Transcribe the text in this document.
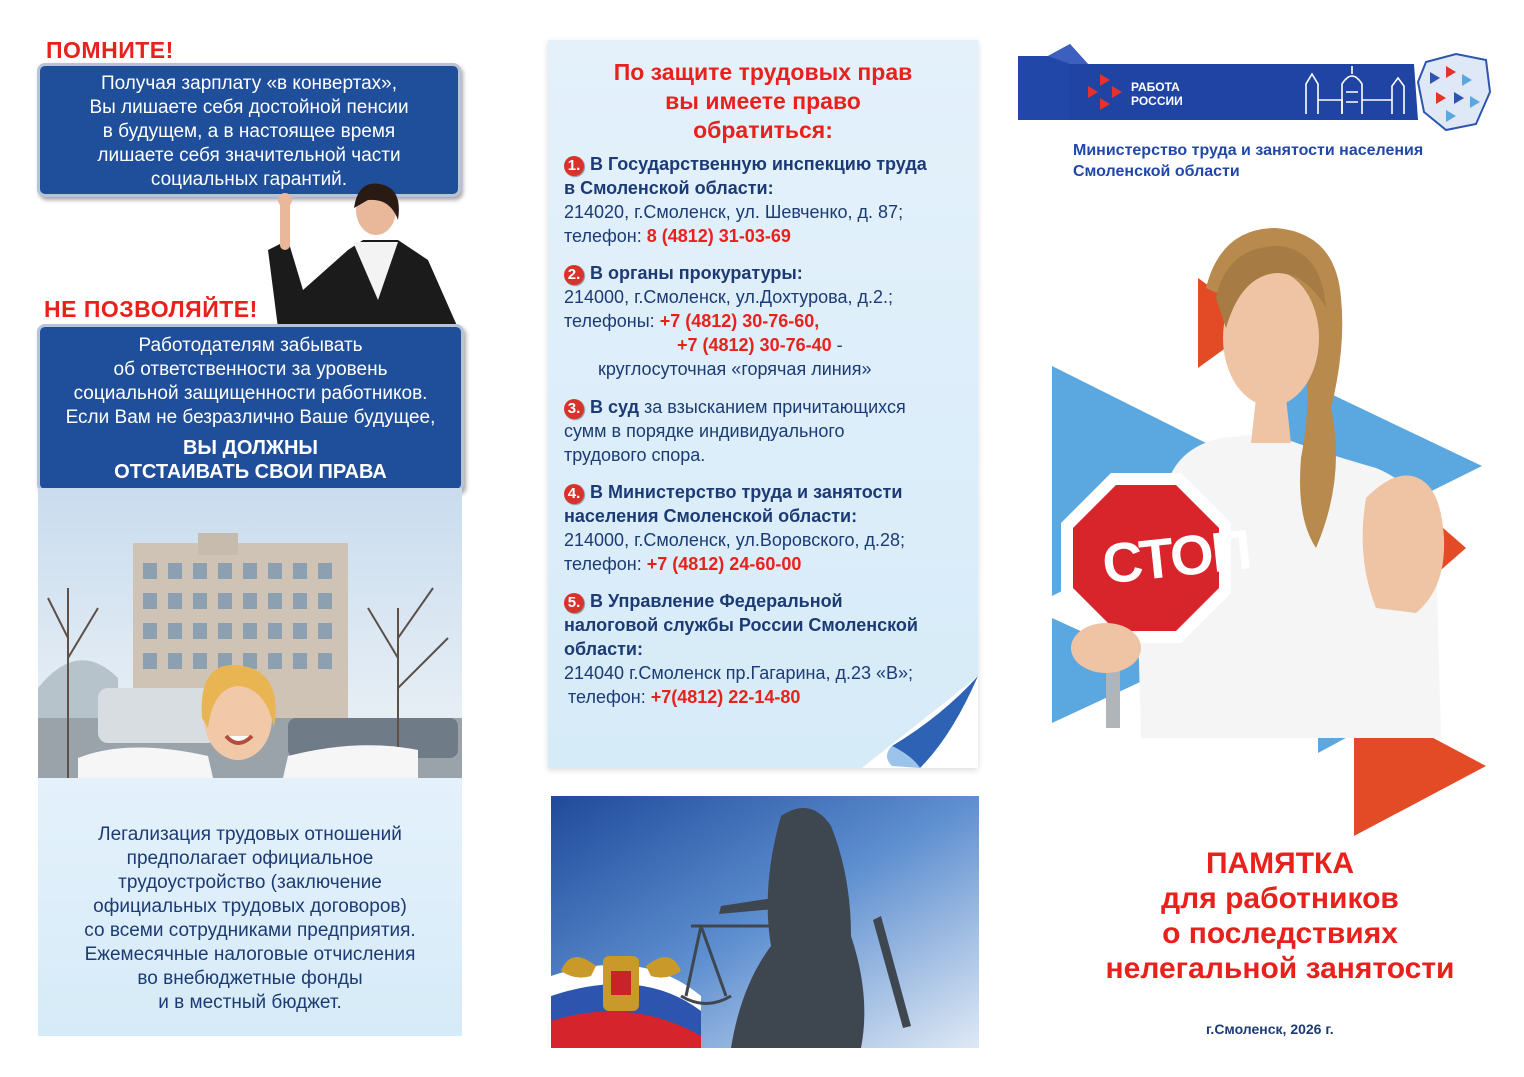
ПОМНИТЕ!
Получая зарплату «в конвертах»,
Вы лишаете себя достойной пенсии
в будущем, а в настоящее время
лишаете себя значительной части
социальных гарантий.
НЕ ПОЗВОЛЯЙТЕ!
Работодателям забывать
об ответственности за уровень
социальной защищенности работников.
Если Вам не безразлично Ваше будущее,
ВЫ ДОЛЖНЫ
ОТСТАИВАТЬ СВОИ ПРАВА
Легализация трудовых отношений
предполагает официальное
трудоустройство (заключение
официальных трудовых договоров)
со всеми сотрудниками предприятия.
Ежемесячные налоговые отчисления
во внебюджетные фонды
и в местный бюджет.
По защите трудовых прав
вы имеете право
обратиться:
1. В Государственную инспекцию труда
в Смоленской области:
214020, г.Смоленск, ул. Шевченко, д. 87;
телефон: 8 (4812) 31-03-69
2. В органы прокуратуры:
214000, г.Смоленск, ул.Дохтурова, д.2.;
телефоны: +7 (4812) 30-76-60,
+7 (4812) 30-76-40 -
круглосуточная «горячая линия»
3. В суд за взысканием причитающихся
сумм в порядке индивидуального
трудового спора.
4. В Министерство труда и занятости
населения Смоленской области:
214000, г.Смоленск, ул.Воровского, д.28;
телефон: +7 (4812) 24-60-00
5. В Управление Федеральной
налоговой службы России Смоленской
области:
214040 г.Смоленск пр.Гагарина, д.23 «В»;
телефон: +7(4812) 22-14-80
РАБОТА
РОССИИ
Министерство труда и занятости населения
Смоленской области
СТОП
ПАМЯТКА
для работников
о последствиях
нелегальной занятости
г.Смоленск, 2026 г.
